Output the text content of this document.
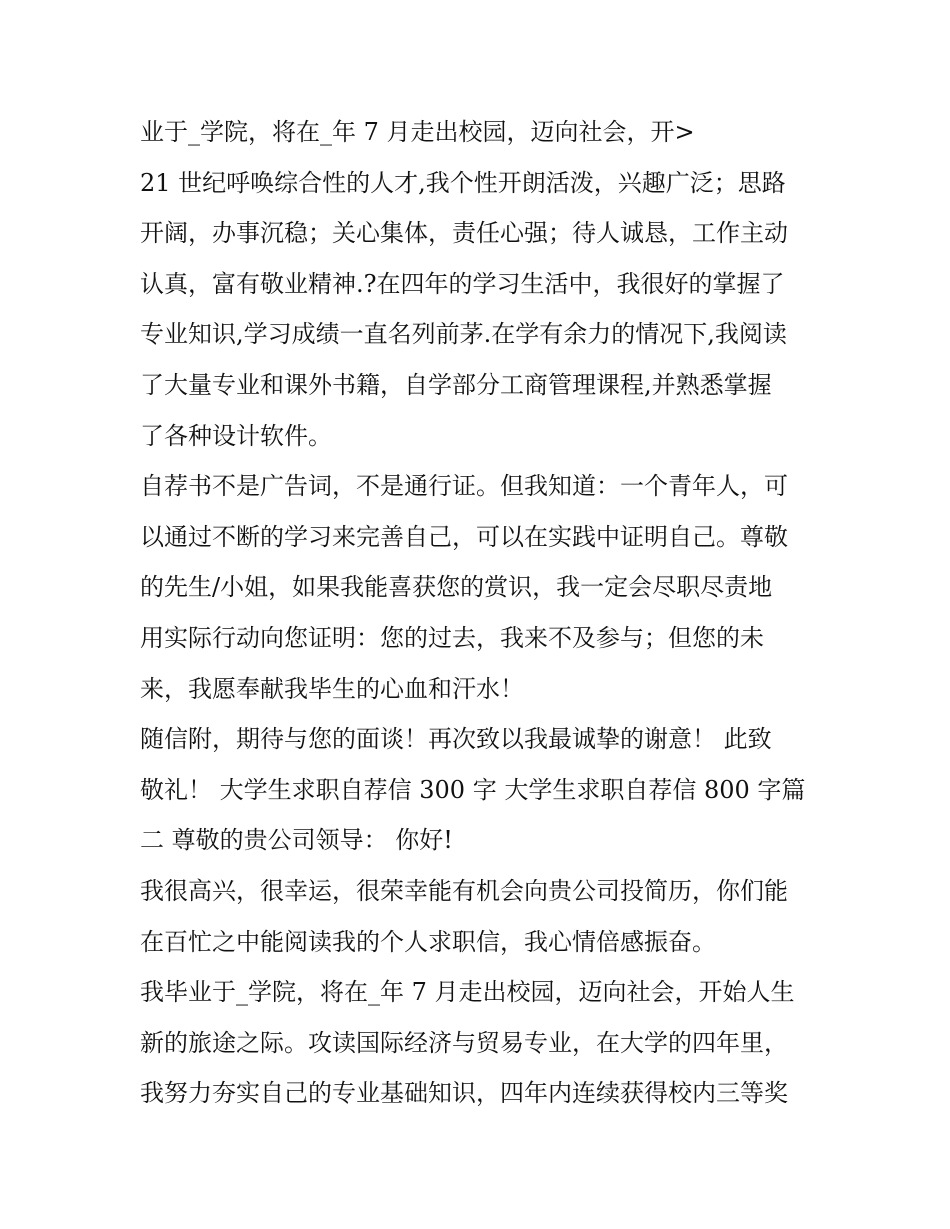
业于_学院，将在_年 7 月走出校园，迈向社会，开>
21 世纪呼唤综合性的人才,我个性开朗活泼，兴趣广泛；思路
开阔，办事沉稳；关心集体，责任心强；待人诚恳，工作主动
认真，富有敬业精神.?在四年的学习生活中，我很好的掌握了
专业知识,学习成绩一直名列前茅.在学有余力的情况下,我阅读
了大量专业和课外书籍，自学部分工商管理课程,并熟悉掌握
了各种设计软件。
自荐书不是广告词，不是通行证。但我知道：一个青年人，可
以通过不断的学习来完善自己，可以在实践中证明自己。尊敬
的先生/小姐，如果我能喜获您的赏识，我一定会尽职尽责地
用实际行动向您证明：您的过去，我来不及参与；但您的未
来，我愿奉献我毕生的心血和汗水！
随信附，期待与您的面谈！再次致以我最诚挚的谢意！ 此致
敬礼！ 大学生求职自荐信 300 字 大学生求职自荐信 800 字篇
二 尊敬的贵公司领导： 你好!
我很高兴，很幸运，很荣幸能有机会向贵公司投简历，你们能
在百忙之中能阅读我的个人求职信，我心情倍感振奋。
我毕业于_学院，将在_年 7 月走出校园，迈向社会，开始人生
新的旅途之际。攻读国际经济与贸易专业，在大学的四年里，
我努力夯实自己的专业基础知识，四年内连续获得校内三等奖
